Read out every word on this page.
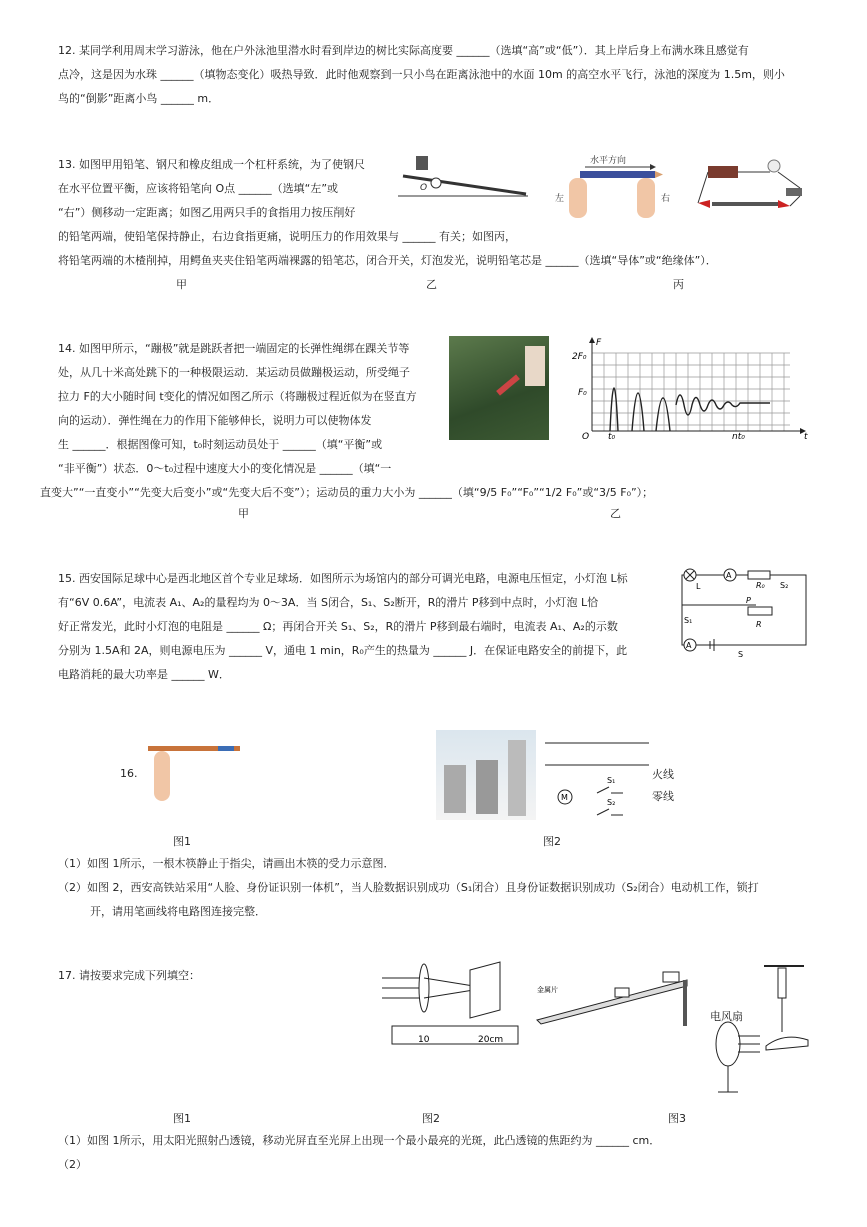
12. 某同学利用周末学习游泳，他在户外泳池里潜水时看到岸边的树比实际高度要 ______（选填“高”或“低”）．其上岸后身上布满水珠且感觉有
点冷，这是因为水珠 ______（填物态变化）吸热导致．此时他观察到一只小鸟在距离泳池中的水面 10m 的高空水平飞行，泳池的深度为 1.5m，则小
鸟的“倒影”距离小鸟 ______ m．
13. 如图甲用铅笔、钢尺和橡皮组成一个杠杆系统，为了使钢尺
在水平位置平衡，应该将铅笔向 O点 ______（选填“左”或
“右”）侧移动一定距离；如图乙用两只手的食指用力按压削好
的铅笔两端，使铅笔保持静止，右边食指更痛，说明压力的作用效果与 ______ 有关；如图丙，
将铅笔两端的木楂削掉，用鳄鱼夹夹住铅笔两端裸露的铅笔芯，闭合开关，灯泡发光，说明铅笔芯是 ______（选填“导体”或“绝缘体”）．
O
水平方向
左	右
甲	乙	丙
14. 如图甲所示，“蹦极”就是跳跃者把一端固定的长弹性绳绑在踝关节等
处，从几十米高处跳下的一种极限运动．某运动员做蹦极运动，所受绳子
拉力 F的大小随时间 t变化的情况如图乙所示（将蹦极过程近似为在竖直方
向的运动）．弹性绳在力的作用下能够伸长，说明力可以使物体发
生 ______．根据图像可知，t₀时刻运动员处于 ______（填“平衡”或
“非平衡”）状态．0～t₀过程中速度大小的变化情况是 ______（填“一
直变大”“一直变小”“先变大后变小”或“先变大后不变”）；运动员的重力大小为 ______（填“9/5 F₀”“F₀”“1/2 F₀”或“3/5 F₀”）；
2F₀
F₀
O t₀	nt₀	t
F
甲	乙
15. 西安国际足球中心是西北地区首个专业足球场．如图所示为场馆内的部分可调光电路，电源电压恒定，小灯泡 L标
有“6V 0.6A”，电流表 A₁、A₂的量程均为 0～3A．当 S闭合，S₁、S₂断开，R的滑片 P移到中点时，小灯泡 L恰
好正常发光，此时小灯泡的电阻是 ______ Ω；再闭合开关 S₁、S₂，R的滑片 P移到最右端时，电流表 A₁、A₂的示数
分别为 1.5A和 2A，则电源电压为 ______ V，通电 1 min，R₀产生的热量为 ______ J．在保证电路安全的前提下，此
电路消耗的最大功率是 ______ W．
A
R₀ S₂
L
S₁
P
R
A
S
16.
M
S₁
S₂
火线
零线
图1	图2
（1）如图 1所示，一根木筷静止于指尖，请画出木筷的受力示意图．
（2）如图 2，西安高铁站采用“人脸、身份证识别一体机”，当人脸数据识别成功（S₁闭合）且身份证数据识别成功（S₂闭合）电动机工作，锁打
开，请用笔画线将电路图连接完整．
17. 请按要求完成下列填空：
10	20cm
金属片
电风扇
图1	图2	图3
（1）如图 1所示，用太阳光照射凸透镜，移动光屏直至光屏上出现一个最小最亮的光斑，此凸透镜的焦距约为 ______ cm．
（2）
